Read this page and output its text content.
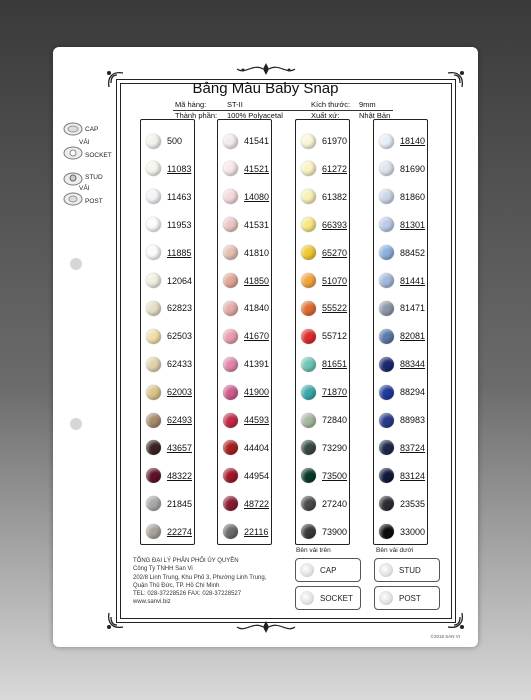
Bảng Màu Baby Snap
Mã hàng:	ST-II	Kích thước: 9mm
Thành phần: 100% Polyacetal	Xuất xứ:	Nhật Bản
CAP
VẢI
SOCKET
STUD
VẢI
POST
500
11083
11463
11953
11885
12064
62823
62503
62433
62003
62493
43657
48322
21845
22274
41541
41521
14080
41531
41810
41850
41840
41670
41391
41900
44593
44404
44954
48722
22116
61970
61272
61382
66393
65270
51070
55522
55712
81651
71870
72840
73290
73500
27240
73900
18140
81690
81860
81301
88452
81441
81471
82081
88344
88294
88983
83724
83124
23535
33000
TỔNG ĐẠI LÝ PHÂN PHỐI ỦY QUYỀN
Công Ty TNHH San Vi
202/8 Linh Trung, Khu Phố 3, Phường Linh Trung,
Quận Thủ Đức, TP. Hồ Chí Minh
TEL: 028-37228526 FAX: 028-37228527
www.sanvi.biz
Bên vải trên	Bên vải dưới
CAP
SOCKET
STUD
POST
©2018 SAN VI
